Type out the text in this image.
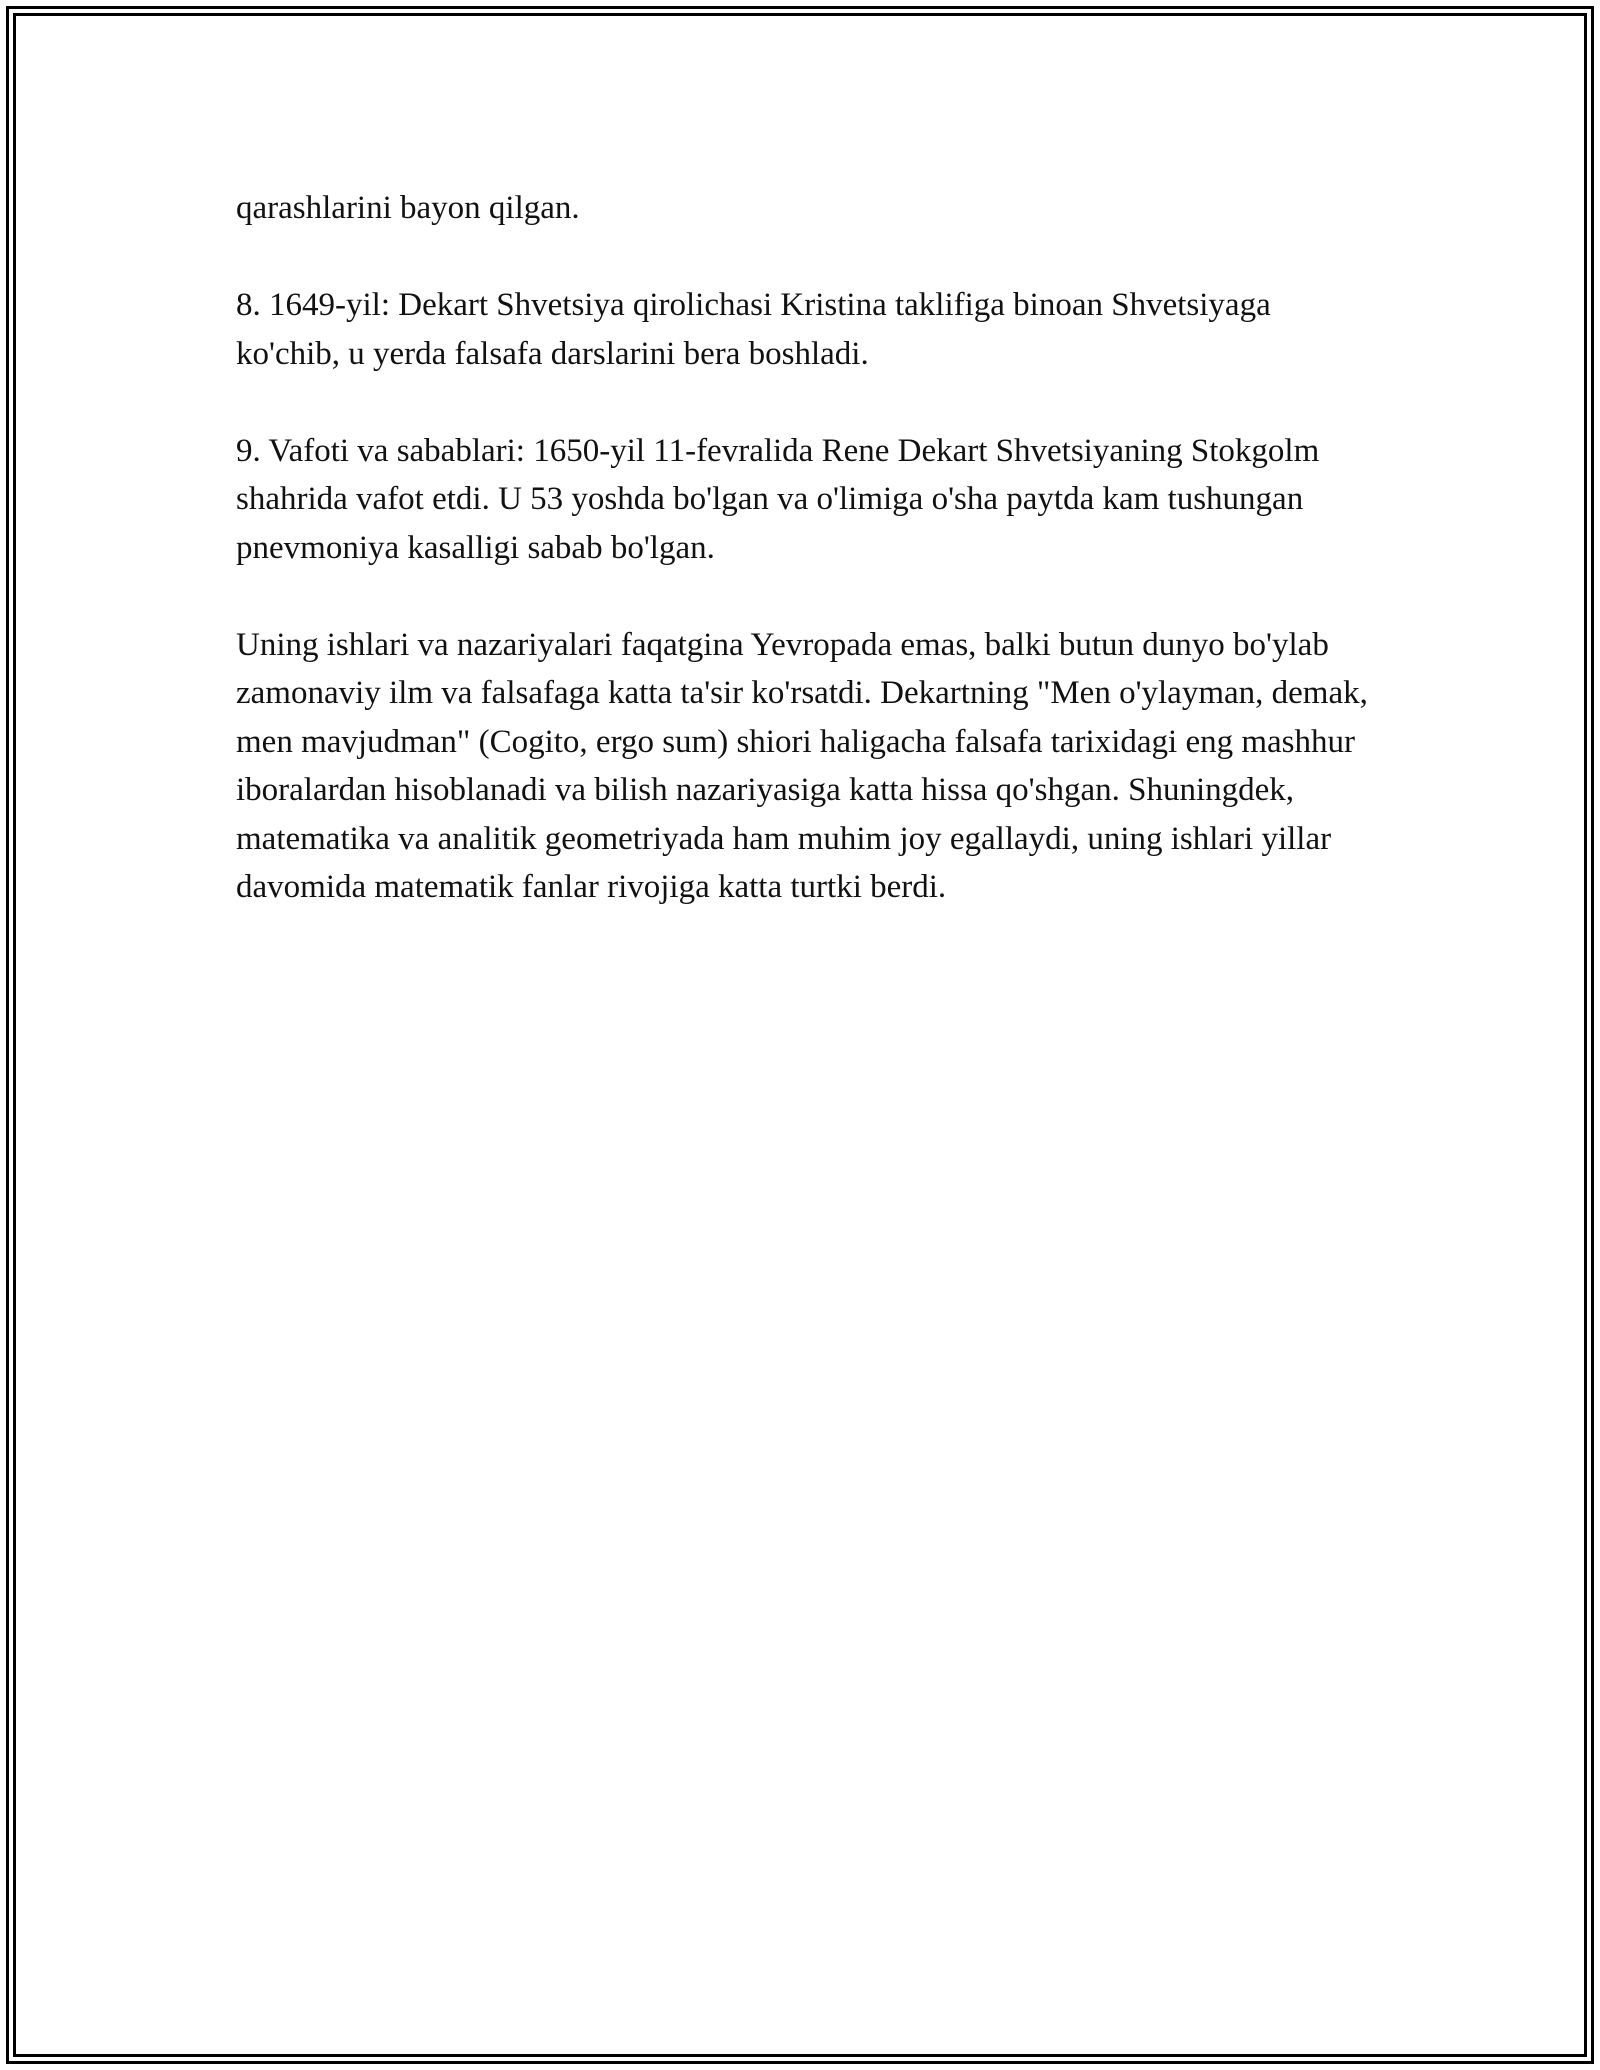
qarashlarini bayon qilgan.

8. 1649-yil: Dekart Shvetsiya qirolichasi Kristina taklifiga binoan Shvetsiyaga ko'chib, u yerda falsafa darslarini bera boshladi.

9. Vafoti va sabablari: 1650-yil 11-fevralida Rene Dekart Shvetsiyaning Stokgolm shahrida vafot etdi. U 53 yoshda bo'lgan va o'limiga o'sha paytda kam tushungan pnevmoniya kasalligi sabab bo'lgan.

Uning ishlari va nazariyalari faqatgina Yevropada emas, balki butun dunyo bo'ylab zamonaviy ilm va falsafaga katta ta'sir ko'rsatdi. Dekartning "Men o'ylayman, demak, men mavjudman" (Cogito, ergo sum) shiori haligacha falsafa tarixidagi eng mashhur iboralardan hisoblanadi va bilish nazariyasiga katta hissa qo'shgan. Shuningdek, matematika va analitik geometriyada ham muhim joy egallaydi, uning ishlari yillar davomida matematik fanlar rivojiga katta turtki berdi.
